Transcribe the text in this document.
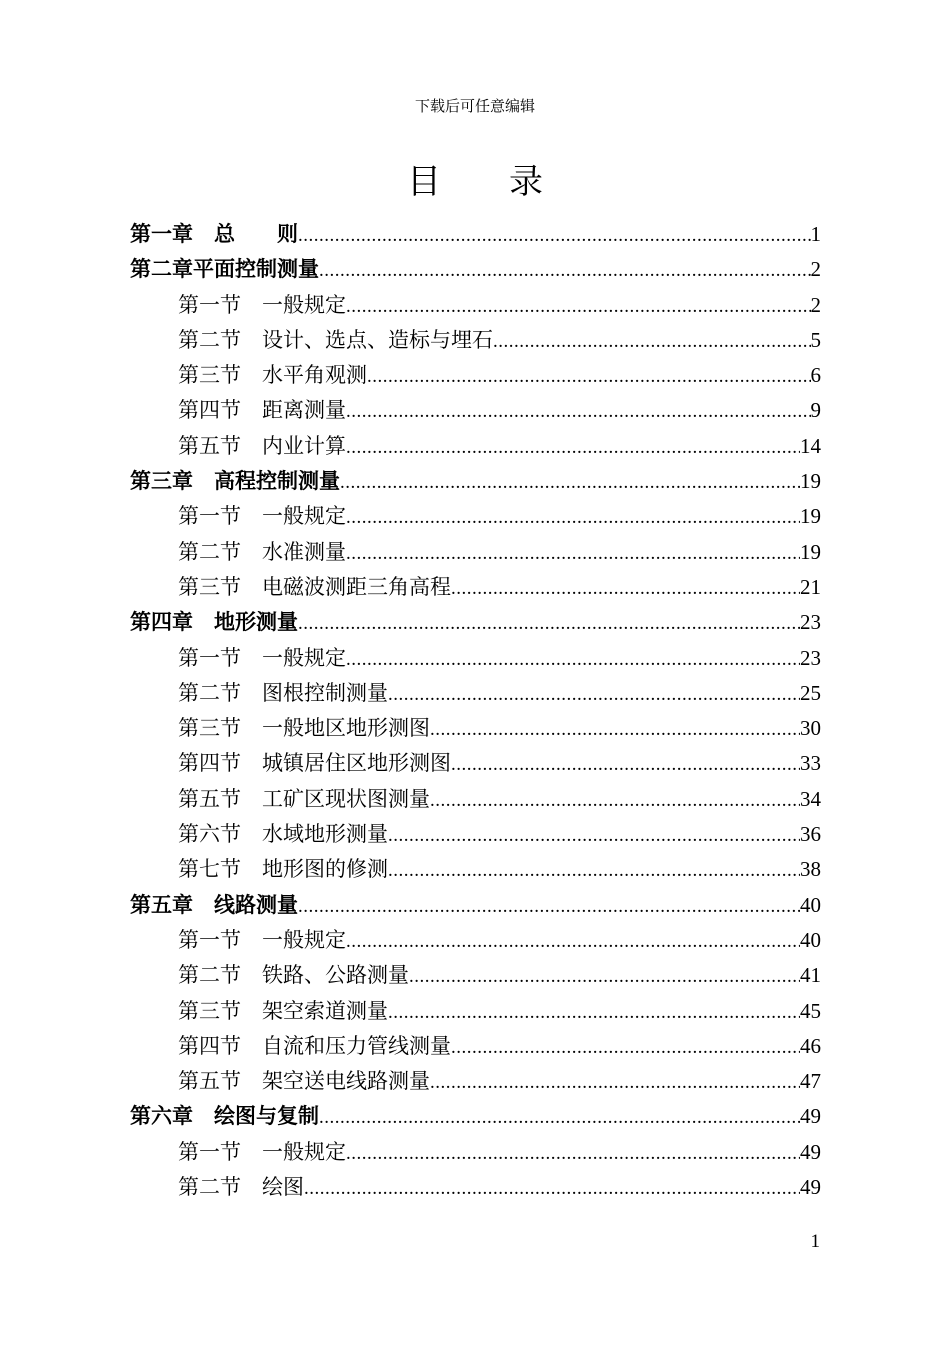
下载后可任意编辑
目　　录
第一章　总　　则 .....	1
第二章平面控制测量 .....	2
第一节　一般规定 .....	2
第二节　设计、选点、造标与埋石 .....	5
第三节　水平角观测 .....	6
第四节　距离测量 .....	9
第五节　内业计算 .....	14
第三章　高程控制测量 .....	19
第一节　一般规定 .....	19
第二节　水准测量 .....	19
第三节　电磁波测距三角高程 .....	21
第四章　地形测量 .....	23
第一节　一般规定 .....	23
第二节　图根控制测量 .....	25
第三节　一般地区地形测图 .....	30
第四节　城镇居住区地形测图 .....	33
第五节　工矿区现状图测量 .....	34
第六节　水域地形测量 .....	36
第七节　地形图的修测 .....	38
第五章　线路测量 .....	40
第一节　一般规定 .....	40
第二节　铁路、公路测量 .....	41
第三节　架空索道测量 .....	45
第四节　自流和压力管线测量 .....	46
第五节　架空送电线路测量 .....	47
第六章　绘图与复制 .....	49
第一节　一般规定 .....	49
第二节　绘图 .....	49
1
